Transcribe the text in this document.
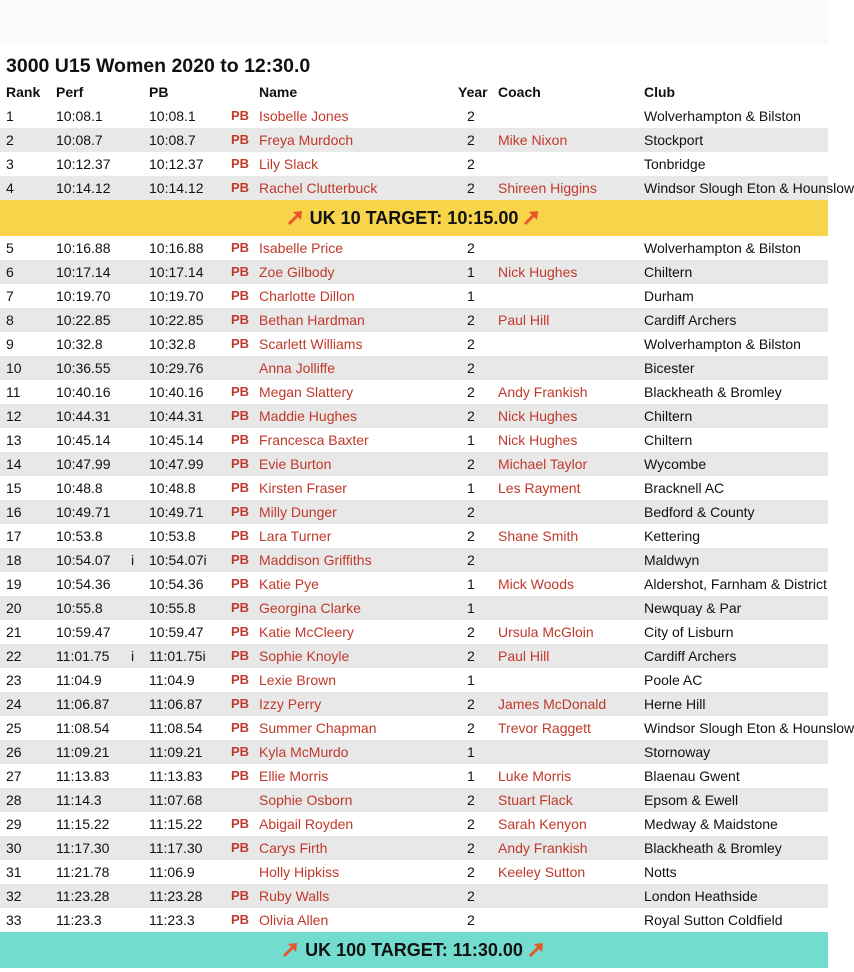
3000 U15 Women 2020 to 12:30.0
Rank Perf	PB	Name	Year Coach	Club
1	10:08.1	10:08.1	PB Isobelle Jones	2	Wolverhampton & Bilston
2	10:08.7	10:08.7	PB Freya Murdoch	2 Mike Nixon	Stockport
3	10:12.37	10:12.37 PB Lily Slack	2	Tonbridge
4	10:14.12	10:14.12 PB Rachel Clutterbuck	2 Shireen Higgins	Windsor Slough Eton & Hounslow
UK 10 TARGET: 10:15.00
5	10:16.88	10:16.88 PB Isabelle Price	2	Wolverhampton & Bilston
6	10:17.14	10:17.14 PB Zoe Gilbody	1 Nick Hughes	Chiltern
7	10:19.70	10:19.70 PB Charlotte Dillon	1	Durham
8	10:22.85	10:22.85 PB Bethan Hardman	2 Paul Hill	Cardiff Archers
9	10:32.8	10:32.8	PB Scarlett Williams	2	Wolverhampton & Bilston
10 10:36.55	10:29.76	Anna Jolliffe	2	Bicester
11	10:40.16	10:40.16 PB Megan Slattery	2 Andy Frankish	Blackheath & Bromley
12 10:44.31	10:44.31 PB Maddie Hughes	2 Nick Hughes	Chiltern
13 10:45.14	10:45.14 PB Francesca Baxter	1 Nick Hughes	Chiltern
14 10:47.99	10:47.99 PB Evie Burton	2 Michael Taylor	Wycombe
15 10:48.8	10:48.8	PB Kirsten Fraser	1 Les Rayment	Bracknell AC
16 10:49.71	10:49.71 PB Milly Dunger	2	Bedford & County
17 10:53.8	10:53.8	PB Lara Turner	2 Shane Smith	Kettering
18 10:54.07 i 10:54.07i PB Maddison Griffiths	2	Maldwyn
19 10:54.36	10:54.36 PB Katie Pye	1 Mick Woods	Aldershot, Farnham & District
20 10:55.8	10:55.8	PB Georgina Clarke	1	Newquay & Par
21 10:59.47	10:59.47 PB Katie McCleery	2 Ursula McGloin	City of Lisburn
22 11:01.75 i 11:01.75i PB Sophie Knoyle	2 Paul Hill	Cardiff Archers
23 11:04.9	11:04.9	PB Lexie Brown	1	Poole AC
24 11:06.87	11:06.87 PB Izzy Perry	2 James McDonald	Herne Hill
25 11:08.54	11:08.54 PB Summer Chapman	2 Trevor Raggett	Windsor Slough Eton & Hounslow
26 11:09.21	11:09.21 PB Kyla McMurdo	1	Stornoway
27 11:13.83	11:13.83 PB Ellie Morris	1 Luke Morris	Blaenau Gwent
28 11:14.3	11:07.68	Sophie Osborn	2 Stuart Flack	Epsom & Ewell
29 11:15.22	11:15.22 PB Abigail Royden	2 Sarah Kenyon	Medway & Maidstone
30 11:17.30	11:17.30 PB Carys Firth	2 Andy Frankish	Blackheath & Bromley
31 11:21.78	11:06.9	Holly Hipkiss	2 Keeley Sutton	Notts
32 11:23.28	11:23.28 PB Ruby Walls	2	London Heathside
33 11:23.3	11:23.3	PB Olivia Allen	2	Royal Sutton Coldfield
UK 100 TARGET: 11:30.00
